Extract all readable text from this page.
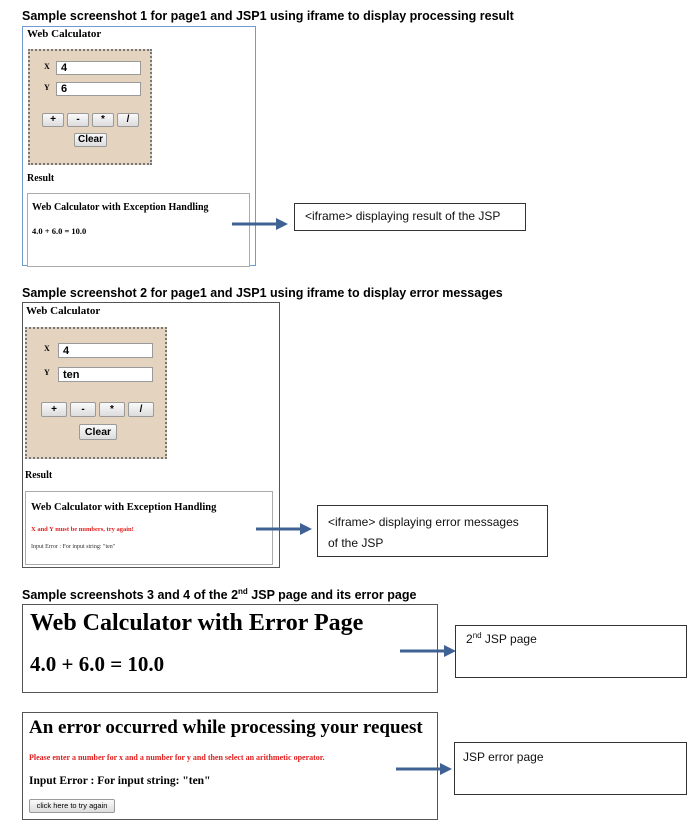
Sample screenshot 1 for page1 and JSP1 using iframe to display processing result
Web Calculator
X	4
Y	6
+	-	*	/
Clear
Result
Web Calculator with Exception Handling
4.0 + 6.0 = 10.0
<iframe> displaying result of the JSP
Sample screenshot 2 for page1 and JSP1 using iframe to display error messages
Web Calculator
X	4
Y	ten
+	-	*	/
Clear
Result
Web Calculator with Exception Handling
X and Y must be numbers, try again!
Input Error : For input string: "ten"
<iframe> displaying error messages
of the JSP
Sample screenshots 3 and 4 of the 2nd JSP page and its error page
Web Calculator with Error Page
4.0 + 6.0 = 10.0
2nd JSP page
An error occurred while processing your request
Please enter a number for x and a number for y and then select an arithmetic operator.
Input Error : For input string: "ten"
click here to try again
JSP error page
